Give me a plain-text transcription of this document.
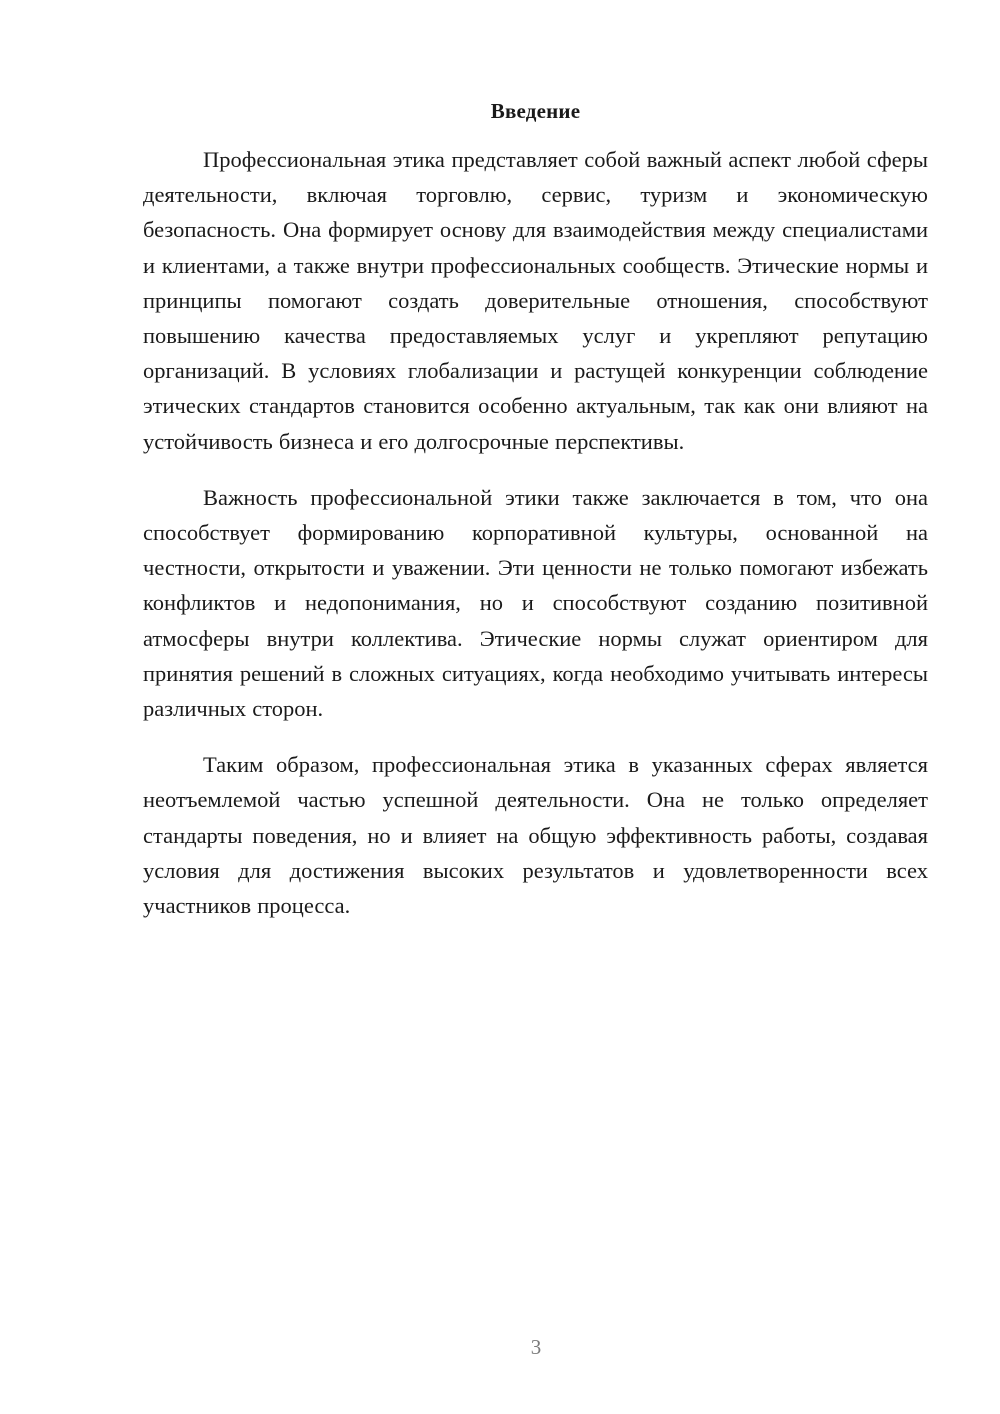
Введение

Профессиональная этика представляет собой важный аспект любой сферы деятельности, включая торговлю, сервис, туризм и экономическую безопасность. Она формирует основу для взаимодействия между специалистами и клиентами, а также внутри профессиональных сообществ. Этические нормы и принципы помогают создать доверительные отношения, способствуют повышению качества предоставляемых услуг и укрепляют репутацию организаций. В условиях глобализации и растущей конкуренции соблюдение этических стандартов становится особенно актуальным, так как они влияют на устойчивость бизнеса и его долгосрочные перспективы.

Важность профессиональной этики также заключается в том, что она способствует формированию корпоративной культуры, основанной на честности, открытости и уважении. Эти ценности не только помогают избежать конфликтов и недопонимания, но и способствуют созданию позитивной атмосферы внутри коллектива. Этические нормы служат ориентиром для принятия решений в сложных ситуациях, когда необходимо учитывать интересы различных сторон.

Таким образом, профессиональная этика в указанных сферах является неотъемлемой частью успешной деятельности. Она не только определяет стандарты поведения, но и влияет на общую эффективность работы, создавая условия для достижения высоких результатов и удовлетворенности всех участников процесса.

3
